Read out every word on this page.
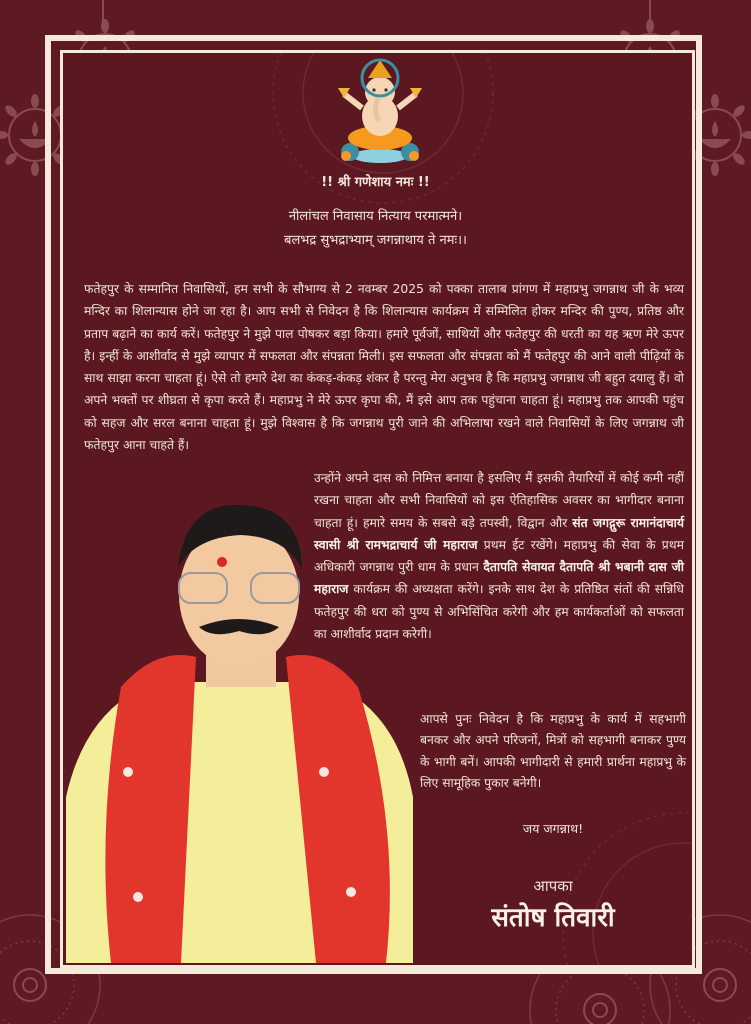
!! श्री गणेशाय नमः !!
नीलांचल निवासाय नित्याय परमात्मने।
बलभद्र सुभद्राभ्याम् जगन्नाथाय ते नमः।।
फतेहपुर के सम्मानित निवासियों, हम सभी के सौभाग्य से 2 नवम्बर 2025 को पक्का तालाब प्रांगण में महाप्रभु जगन्नाथ जी के भव्य मन्दिर का शिलान्यास होने जा रहा है। आप सभी से निवेदन है कि शिलान्यास कार्यक्रम में सम्मिलित होकर मन्दिर की पुण्य, प्रतिष्ठ और प्रताप बढ़ाने का कार्य करें। फतेहपुर ने मुझे पाल पोषकर बड़ा किया। हमारे पूर्वजों, साथियों और फतेहपुर की धरती का यह ऋण मेरे ऊपर है। इन्हीं के आशीर्वाद से मुझे व्यापार में सफलता और संपन्नता मिली। इस सफलता और संपन्नता को मैं फतेहपुर की आने वाली पीढ़ियों के साथ साझा करना चाहता हूं। ऐसे तो हमारे देश का कंकड़-कंकड़ शंकर है परन्तु मेरा अनुभव है कि महाप्रभु जगन्नाथ जी बहुत दयालु हैं। वो अपने भक्तों पर शीघ्रता से कृपा करते हैं। महाप्रभु ने मेरे ऊपर कृपा की, मैं इसे आप तक पहुंचाना चाहता हूं। महाप्रभु तक आपकी पहुंच को सहज और सरल बनाना चाहता हूं। मुझे विश्वास है कि जगन्नाथ पुरी जाने की अभिलाषा रखने वाले निवासियों के लिए जगन्नाथ जी फतेहपुर आना चाहते हैं।
उन्होंने अपने दास को निमित्त बनाया है इसलिए मैं इसकी तैयारियों में कोई कमी नहीं रखना चाहता और सभी निवासियों को इस ऐतिहासिक अवसर का भागीदार बनाना चाहता हूं। हमारे समय के सबसे बड़े तपस्वी, विद्वान और संत जगद्गुरू रामानंदाचार्य स्वासी श्री रामभद्राचार्य जी महाराज प्रथम ईट रखेंगे। महाप्रभु की सेवा के प्रथम अधिकारी जगन्नाथ पुरी धाम के प्रधान दैतापति सेवायत दैतापति श्री भबानी दास जी महाराज कार्यक्रम की अध्यक्षता करेंगे। इनके साथ देश के प्रतिष्ठित संतों की सन्निधि फतेहपुर की धरा को पुण्य से अभिसिंचित करेगी और हम कार्यकर्ताओं को सफलता का आशीर्वाद प्रदान करेगी।
आपसे पुनः निवेदन है कि महाप्रभु के कार्य में सहभागी बनकर और अपने परिजनों, मित्रों को सहभागी बनाकर पुण्य के भागी बनें। आपकी भागीदारी से हमारी प्रार्थना महाप्रभु के लिए सामूहिक पुकार बनेगी।
जय जगन्नाथ!
आपका
संतोष तिवारी
